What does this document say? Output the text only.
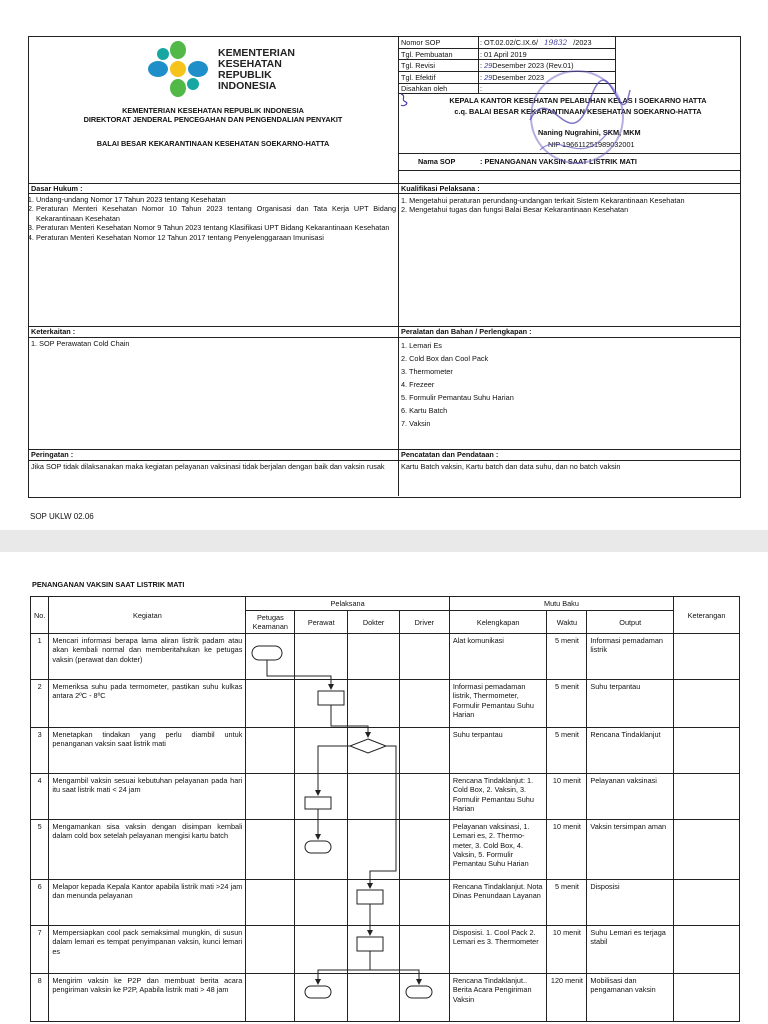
KEMENTERIAN
KESEHATAN
REPUBLIK
INDONESIA
KEMENTERIAN KESEHATAN REPUBLIK INDONESIA
DIREKTORAT JENDERAL PENCEGAHAN DAN PENGENDALIAN PENYAKIT
BALAI BESAR KEKARANTINAAN KESEHATAN SOEKARNO-HATTA
Nomor SOP	: OT.02.02/C.IX.6/ 19832 /2023
Tgl. Pembuatan	: 01 April 2019
Tgl. Revisi	: 29Desember 2023 (Rev.01)
Tgl. Efektif	: 29Desember 2023
Disahkan oleh	:
KEPALA KANTOR KESEHATAN PELABUHAN KELAS I SOEKARNO HATTA
c.q. BALAI BESAR KEKARANTINAAN KESEHATAN SOEKARNO-HATTA
Naning Nugrahini, SKM, MKM
NIP 196611251989032001
Nama SOP	: PENANGANAN VAKSIN SAAT LISTRIK MATI
Dasar Hukum :
1. Undang-undang Nomor 17 Tahun 2023 tentang Kesehatan
2. Peraturan Menteri Kesehatan Nomor 10 Tahun 2023 tentang Organisasi dan Tata Kerja UPT Bidang Kekarantinaan Kesehatan
3. Peraturan Menteri Kesehatan Nomor 9 Tahun 2023 tentang Klasifikasi UPT Bidang Kekarantinaan Kesehatan
4. Peraturan Menteri Kesehatan Nomor 12 Tahun 2017 tentang Penyelenggaraan Imunisasi
Kualifikasi Pelaksana :
1. Mengetahui peraturan perundang-undangan terkait Sistem Kekarantinaan Kesehatan
2. Mengetahui tugas dan fungsi Balai Besar Kekarantinaan Kesehatan
Keterkaitan :
1. SOP Perawatan Cold Chain
Peralatan dan Bahan / Perlengkapan :
1. Lemari Es
2. Cold Box dan Cool Pack
3. Thermometer
4. Frezeer
5. Formulir Pemantau Suhu Harian
6. Kartu Batch
7. Vaksin
Peringatan :
Jika SOP tidak dilaksanakan maka kegiatan pelayanan vaksinasi tidak berjalan dengan baik dan vaksin rusak
Pencatatan dan Pendataan :
Kartu Batch vaksin, Kartu batch dan data suhu, dan no batch vaksin
SOP UKLW 02.06
PENANGANAN VAKSIN SAAT LISTRIK MATI
No.	Kegiatan	Pelaksana				Mutu Baku			Keterangan
		Petugas Keamanan	Perawat	Dokter	Driver	Kelengkapan	Waktu	Output	
1	Mencari informasi berapa lama aliran listrik padam atau akan kembali normal dan memberitahukan ke petugas vaksin (perawat dan dokter)					Alat komunikasi	5 menit	Informasi pemadaman listrik	
2	Memeriksa suhu pada termometer, pastikan suhu kulkas antara 2ºC - 8ºC					Informasi pemadaman listrik, Thermometer, Formulir Pemantau Suhu Harian	5 menit	Suhu terpantau	
3	Menetapkan tindakan yang perlu diambil untuk penanganan vaksin saat listrik mati					Suhu terpantau	5 menit	Rencana Tindaklanjut	
4	Mengambil vaksin sesuai kebutuhan pelayanan pada hari itu saat listrik mati < 24 jam					Rencana Tindaklanjut: 1. Cold Box, 2. Vaksin, 3. Formulir Pemantau Suhu Harian	10 menit	Pelayanan vaksinasi	
5	Mengamankan sisa vaksin dengan disimpan kembali dalam cold box setelah pelayanan mengisi kartu batch					Pelayanan vaksinasi, 1. Lemari es, 2. Thermo-meter, 3. Cold Box, 4. Vaksin, 5. Formulir Pemantau Suhu Harian	10 menit	Vaksin tersimpan aman	
6	Melapor kepada Kepala Kantor apabila listrik mati >24 jam dan menunda pelayanan					Rencana Tindaklanjut. Nota Dinas Penundaan Layanan	5 menit	Disposisi	
7	Mempersiapkan cool pack semaksimal mungkin, di susun dalam lemari es tempat penyimpanan vaksin, kunci lemari es					Disposisi. 1. Cool Pack 2. Lemari es 3. Thermometer	10 menit	Suhu Lemari es terjaga stabil	
8	Mengirim vaksin ke P2P dan membuat berita acara pengiriman vaksin ke P2P, Apabila listrik mati > 48 jam					Rencana Tindaklanjut.. Berita Acara Pengiriman Vaksin	120 menit	Mobilisasi dan pengamanan vaksin	
